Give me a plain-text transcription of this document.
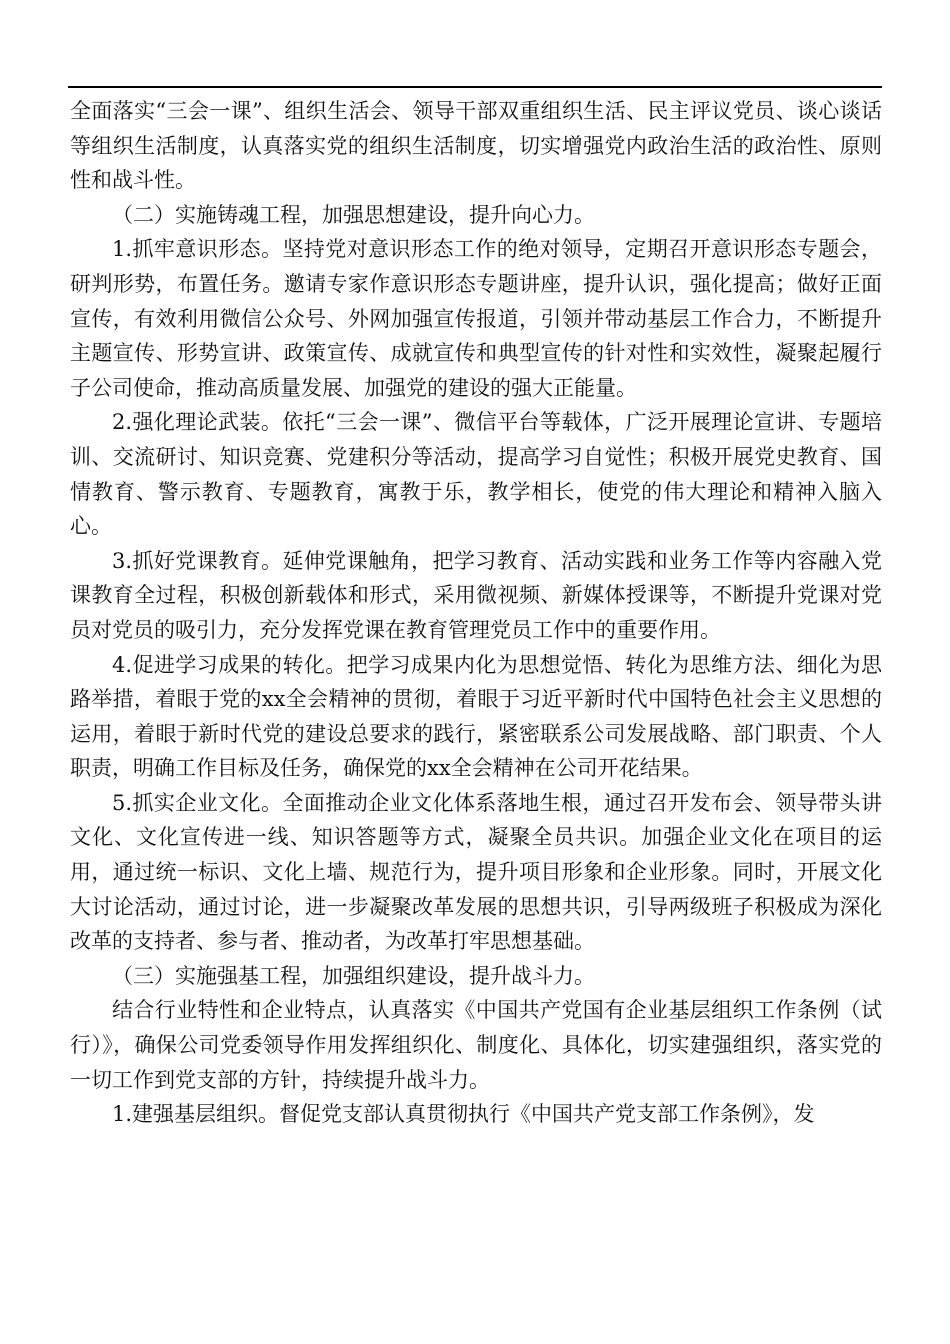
全面落实“三会一课”、组织生活会、领导干部双重组织生活、民主评议党员、谈心谈话等组织生活制度，认真落实党的组织生活制度，切实增强党内政治生活的政治性、原则性和战斗性。

（二）实施铸魂工程，加强思想建设，提升向心力。

1.抓牢意识形态。坚持党对意识形态工作的绝对领导，定期召开意识形态专题会，研判形势，布置任务。邀请专家作意识形态专题讲座，提升认识，强化提高；做好正面宣传，有效利用微信公众号、外网加强宣传报道，引领并带动基层工作合力，不断提升主题宣传、形势宣讲、政策宣传、成就宣传和典型宣传的针对性和实效性，凝聚起履行子公司使命，推动高质量发展、加强党的建设的强大正能量。

2.强化理论武装。依托“三会一课”、微信平台等载体，广泛开展理论宣讲、专题培训、交流研讨、知识竞赛、党建积分等活动，提高学习自觉性；积极开展党史教育、国情教育、警示教育、专题教育，寓教于乐，教学相长，使党的伟大理论和精神入脑入心。

3.抓好党课教育。延伸党课触角，把学习教育、活动实践和业务工作等内容融入党课教育全过程，积极创新载体和形式，采用微视频、新媒体授课等，不断提升党课对党员对党员的吸引力，充分发挥党课在教育管理党员工作中的重要作用。

4.促进学习成果的转化。把学习成果内化为思想觉悟、转化为思维方法、细化为思路举措，着眼于党的xx全会精神的贯彻，着眼于习近平新时代中国特色社会主义思想的运用，着眼于新时代党的建设总要求的践行，紧密联系公司发展战略、部门职责、个人职责，明确工作目标及任务，确保党的xx全会精神在公司开花结果。

5.抓实企业文化。全面推动企业文化体系落地生根，通过召开发布会、领导带头讲文化、文化宣传进一线、知识答题等方式，凝聚全员共识。加强企业文化在项目的运用，通过统一标识、文化上墙、规范行为，提升项目形象和企业形象。同时，开展文化大讨论活动，通过讨论，进一步凝聚改革发展的思想共识，引导两级班子积极成为深化改革的支持者、参与者、推动者，为改革打牢思想基础。

（三）实施强基工程，加强组织建设，提升战斗力。

结合行业特性和企业特点，认真落实《中国共产党国有企业基层组织工作条例（试行）》，确保公司党委领导作用发挥组织化、制度化、具体化，切实建强组织，落实党的一切工作到党支部的方针，持续提升战斗力。

1.建强基层组织。督促党支部认真贯彻执行《中国共产党支部工作条例》，发
